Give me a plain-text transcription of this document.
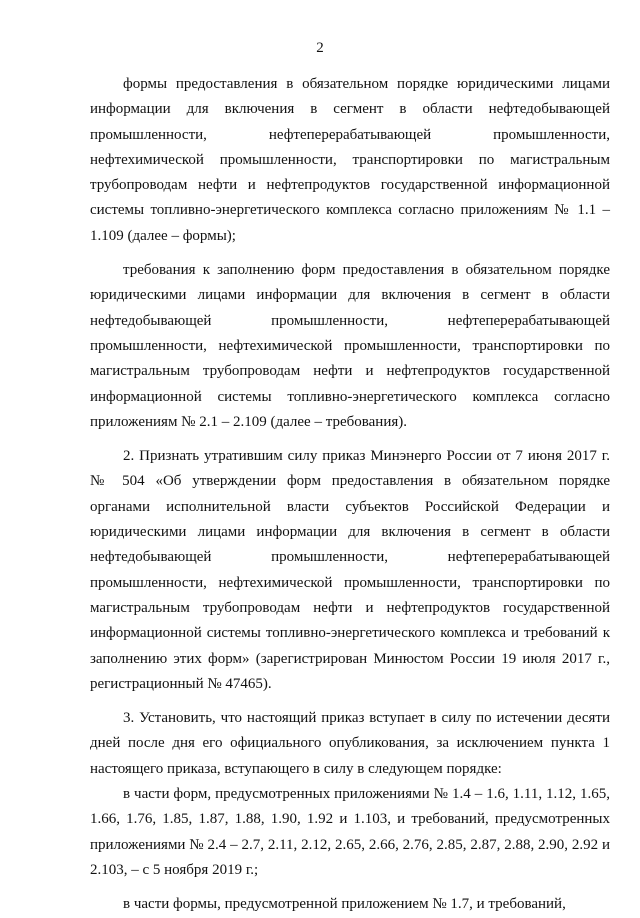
2

формы предоставления в обязательном порядке юридическими лицами информации для включения в сегмент в области нефтедобывающей промышленности, нефтеперерабатывающей промышленности, нефтехимической промышленности, транспортировки по магистральным трубопроводам нефти и нефтепродуктов государственной информационной системы топливно-энергетического комплекса согласно приложениям № 1.1 – 1.109 (далее – формы);

требования к заполнению форм предоставления в обязательном порядке юридическими лицами информации для включения в сегмент в области нефтедобывающей промышленности, нефтеперерабатывающей промышленности, нефтехимической промышленности, транспортировки по магистральным трубопроводам нефти и нефтепродуктов государственной информационной системы топливно-энергетического комплекса согласно приложениям № 2.1 – 2.109 (далее – требования).

2. Признать утратившим силу приказ Минэнерго России от 7 июня 2017 г. № 504 «Об утверждении форм предоставления в обязательном порядке органами исполнительной власти субъектов Российской Федерации и юридическими лицами информации для включения в сегмент в области нефтедобывающей промышленности, нефтеперерабатывающей промышленности, нефтехимической промышленности, транспортировки по магистральным трубопроводам нефти и нефтепродуктов государственной информационной системы топливно-энергетического комплекса и требований к заполнению этих форм» (зарегистрирован Минюстом России 19 июля 2017 г., регистрационный № 47465).

3. Установить, что настоящий приказ вступает в силу по истечении десяти дней после дня его официального опубликования, за исключением пункта 1 настоящего приказа, вступающего в силу в следующем порядке:

в части форм, предусмотренных приложениями № 1.4 – 1.6, 1.11, 1.12, 1.65, 1.66, 1.76, 1.85, 1.87, 1.88, 1.90, 1.92 и 1.103, и требований, предусмотренных приложениями № 2.4 – 2.7, 2.11, 2.12, 2.65, 2.66, 2.76, 2.85, 2.87, 2.88, 2.90, 2.92 и 2.103, – с 5 ноября 2019 г.;

в части формы, предусмотренной приложением № 1.7, и требований,
